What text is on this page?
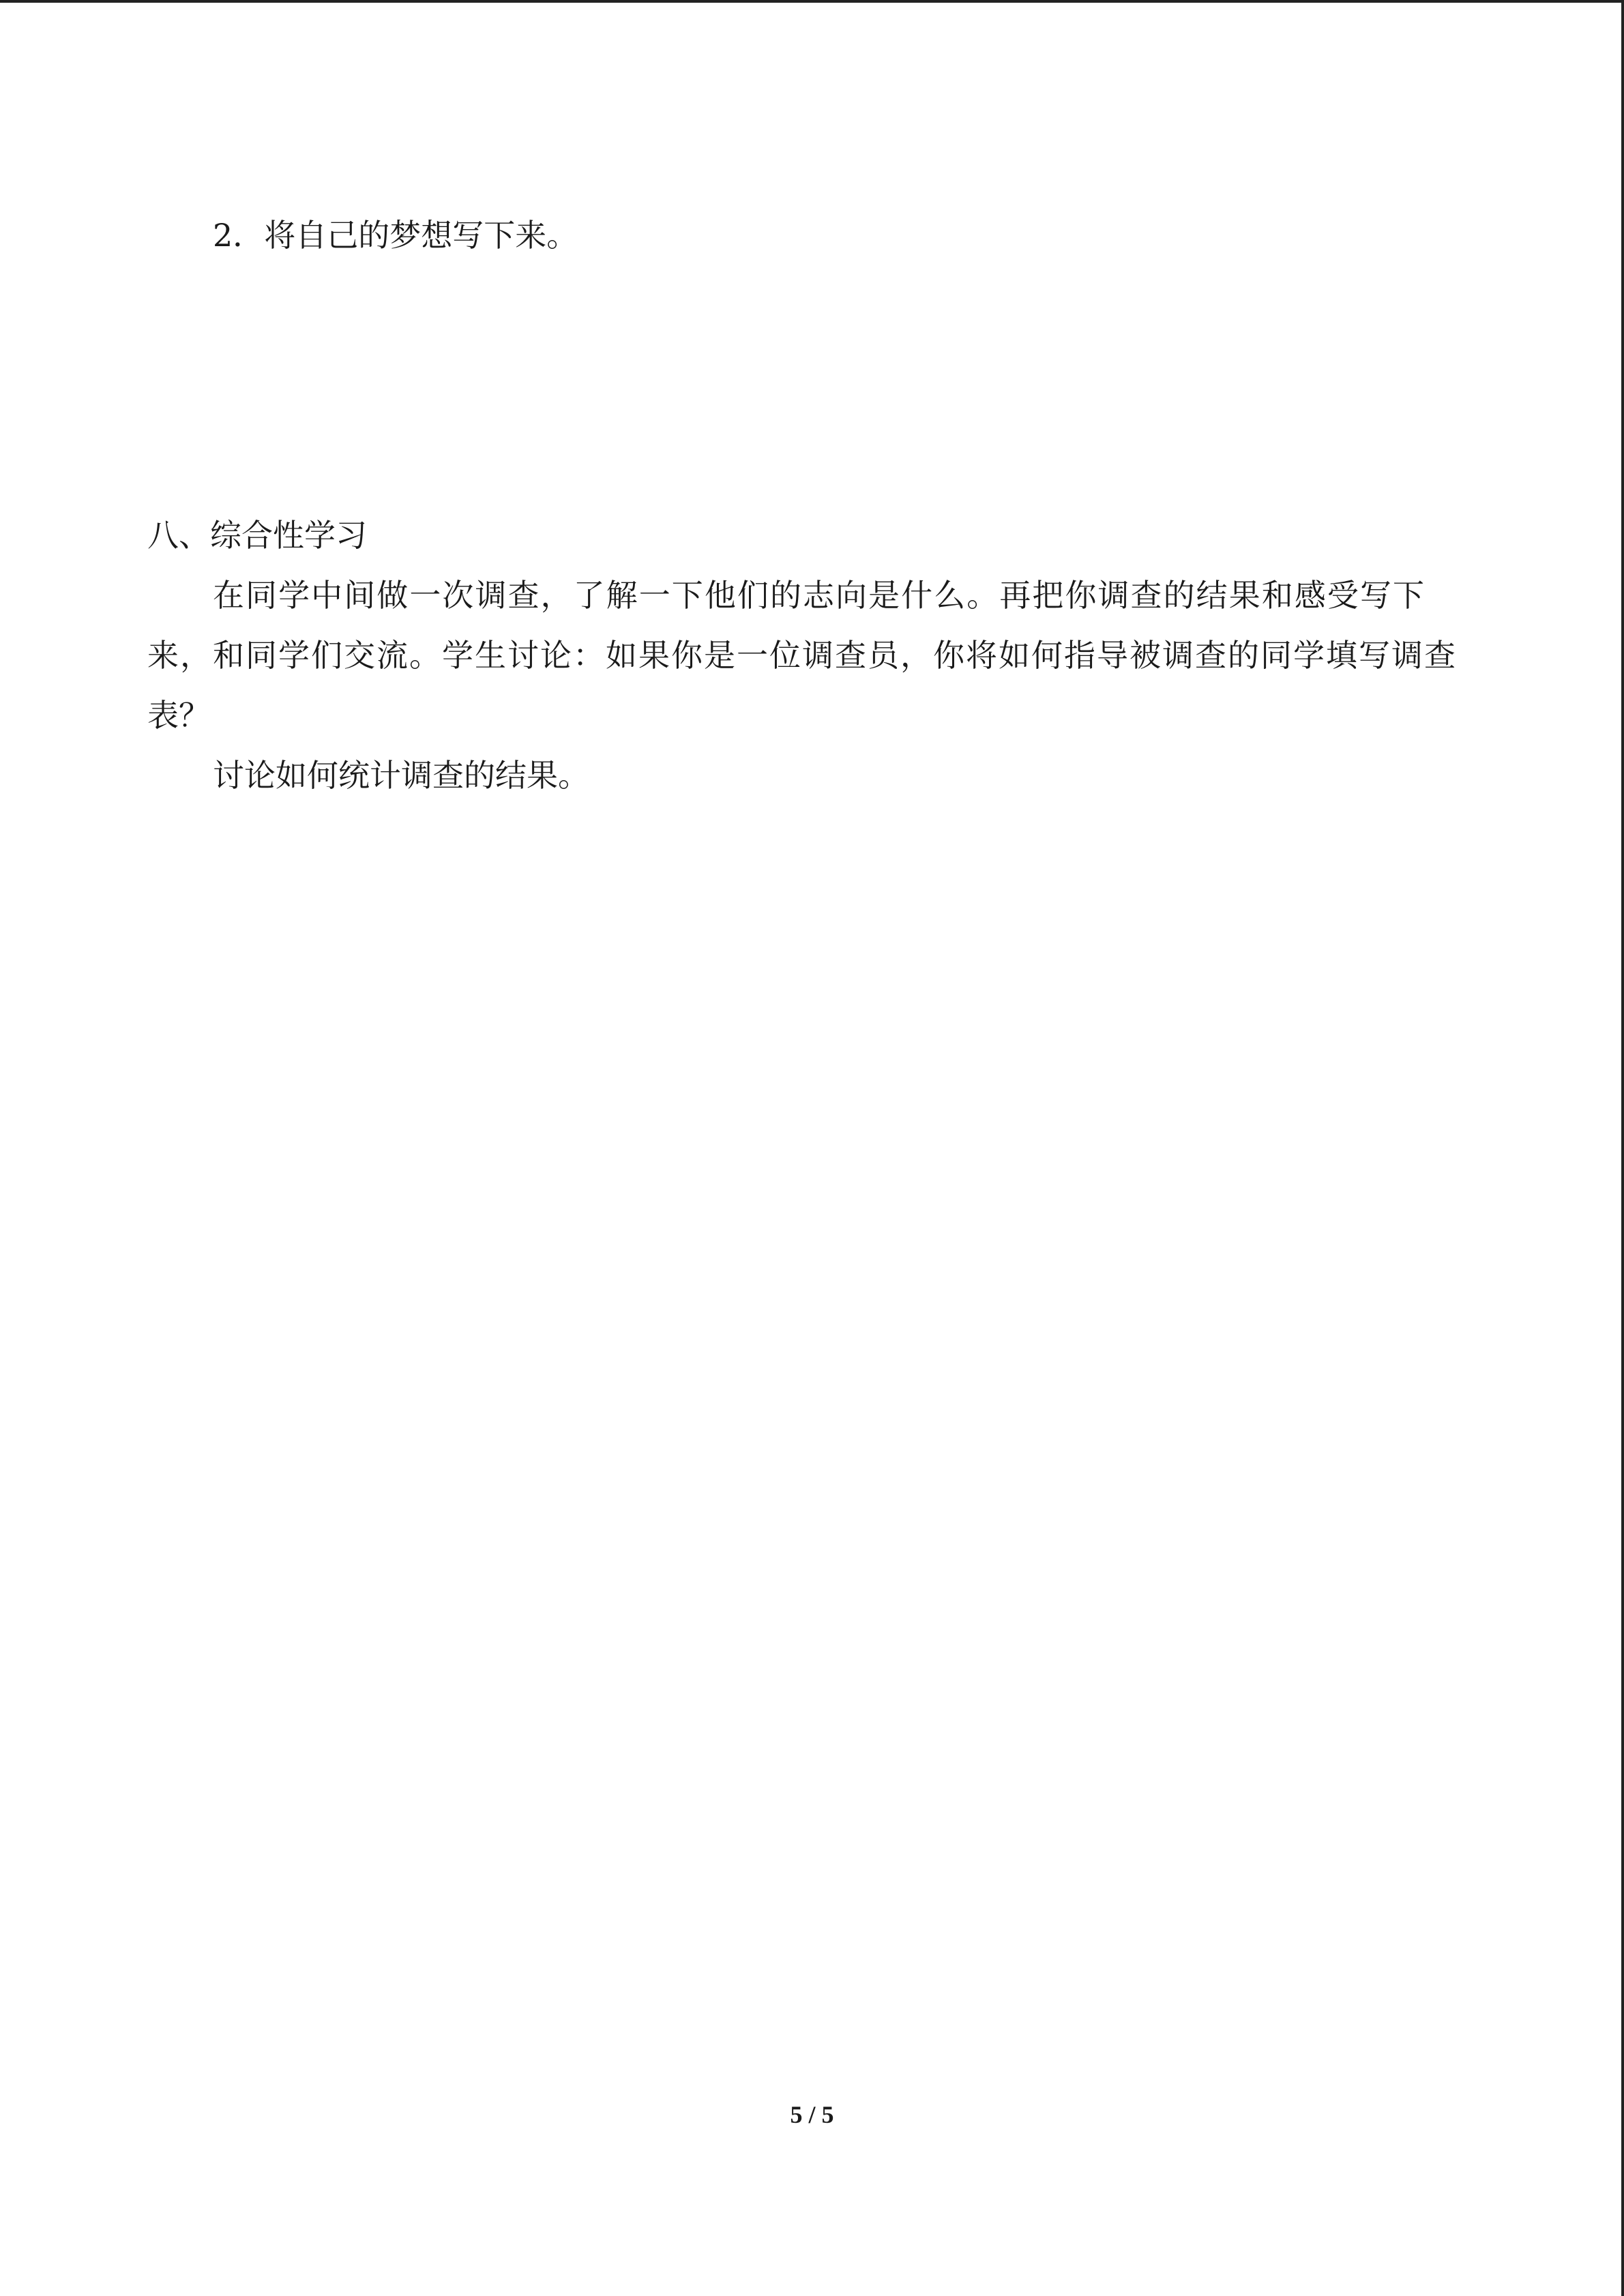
2．将自己的梦想写下来。
八、综合性学习
在同学中间做一次调查，了解一下他们的志向是什么。再把你调查的结果和感受写下
来，和同学们交流。学生讨论：如果你是一位调查员，你将如何指导被调查的同学填写调查
表？
讨论如何统计调查的结果。
5 / 5
